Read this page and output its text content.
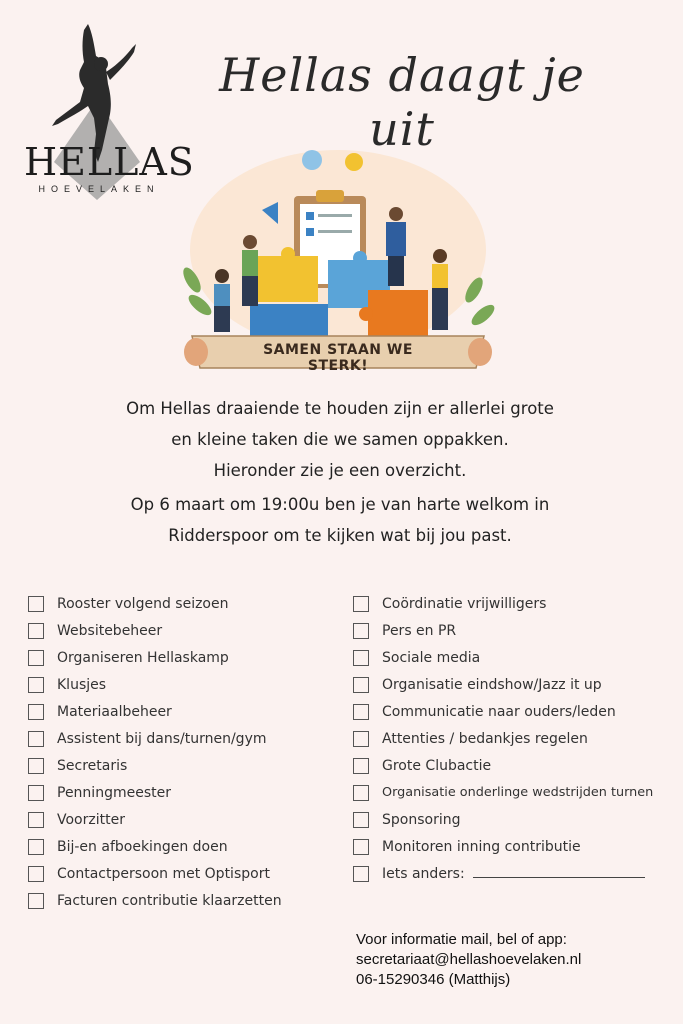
HELLAS
HOEVELAKEN
Hellas daagt je uit
SAMEN STAAN WE STERK!

Om Hellas draaiende te houden zijn er allerlei grote

en kleine taken die we samen oppakken.

Hieronder zie je een overzicht.

Op 6 maart om 19:00u ben je van harte welkom in

Ridderspoor om te kijken wat bij jou past.

Rooster volgend seizoen
Websitebeheer
Organiseren Hellaskamp
Klusjes
Materiaalbeheer
Assistent bij dans/turnen/gym
Secretaris
Penningmeester
Voorzitter
Bij-en afboekingen doen
Contactpersoon met Optisport
Facturen contributie klaarzetten
Coördinatie vrijwilligers
Pers en PR
Sociale media
Organisatie eindshow/Jazz it up
Communicatie naar ouders/leden
Attenties / bedankjes regelen
Grote Clubactie
Organisatie onderlinge wedstrijden turnen
Sponsoring
Monitoren inning contributie
Iets anders:
Voor informatie mail, bel of app:
secretariaat@hellashoevelaken.nl
06-15290346 (Matthijs)
